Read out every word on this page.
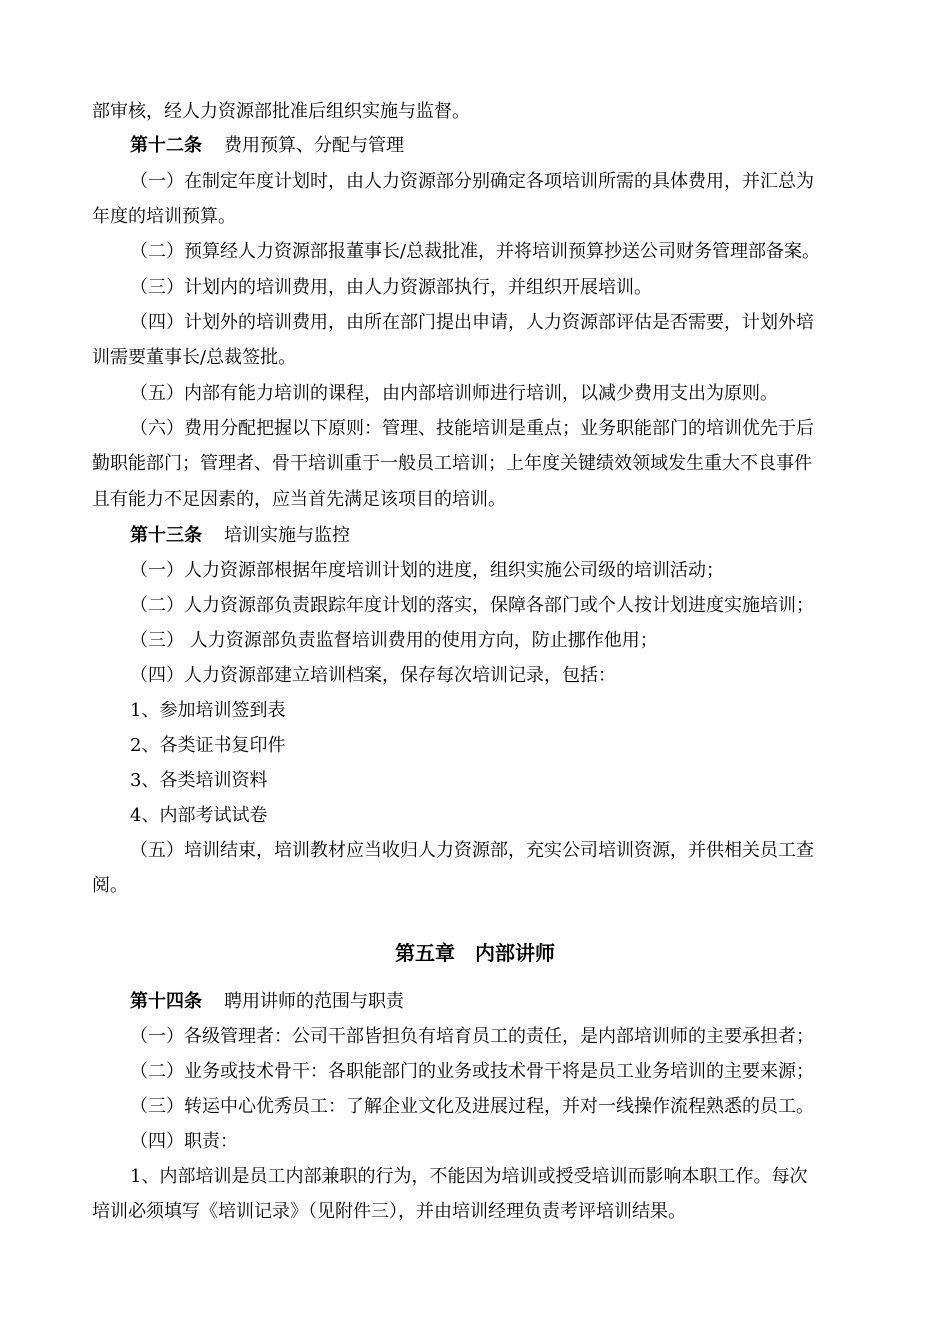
部审核，经人力资源部批准后组织实施与监督。
第十二条 费用预算、分配与管理
（一）在制定年度计划时，由人力资源部分别确定各项培训所需的具体费用，并汇总为
年度的培训预算。
（二）预算经人力资源部报董事长/总裁批准，并将培训预算抄送公司财务管理部备案。
（三）计划内的培训费用，由人力资源部执行，并组织开展培训。
（四）计划外的培训费用，由所在部门提出申请，人力资源部评估是否需要，计划外培
训需要董事长/总裁签批。
（五）内部有能力培训的课程，由内部培训师进行培训，以减少费用支出为原则。
（六）费用分配把握以下原则：管理、技能培训是重点；业务职能部门的培训优先于后
勤职能部门；管理者、骨干培训重于一般员工培训；上年度关键绩效领域发生重大不良事件
且有能力不足因素的，应当首先满足该项目的培训。
第十三条 培训实施与监控
（一）人力资源部根据年度培训计划的进度，组织实施公司级的培训活动；
（二）人力资源部负责跟踪年度计划的落实，保障各部门或个人按计划进度实施培训；
（三） 人力资源部负责监督培训费用的使用方向，防止挪作他用；
（四）人力资源部建立培训档案，保存每次培训记录，包括：
1、参加培训签到表
2、各类证书复印件
3、各类培训资料
4、内部考试试卷
（五）培训结束，培训教材应当收归人力资源部，充实公司培训资源，并供相关员工查
阅。
第五章　内部讲师
第十四条 聘用讲师的范围与职责
（一）各级管理者：公司干部皆担负有培育员工的责任，是内部培训师的主要承担者；
（二）业务或技术骨干：各职能部门的业务或技术骨干将是员工业务培训的主要来源；
（三）转运中心优秀员工：了解企业文化及进展过程，并对一线操作流程熟悉的员工。
（四）职责：
1、内部培训是员工内部兼职的行为，不能因为培训或授受培训而影响本职工作。每次
培训必须填写《培训记录》（见附件三），并由培训经理负责考评培训结果。
